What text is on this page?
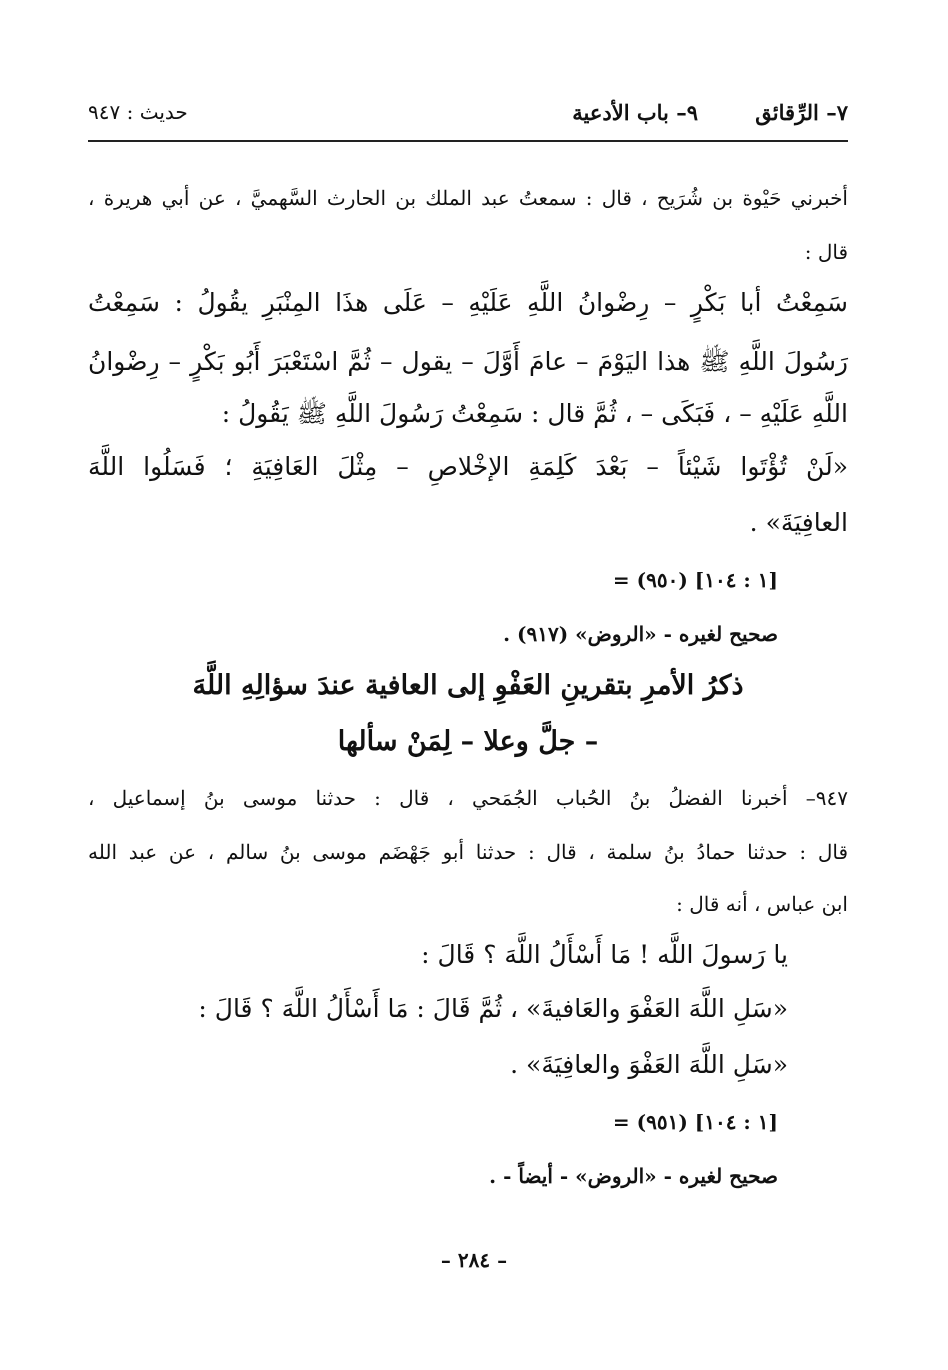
٧– الرِّقائق
٩– باب الأدعية
حديث : ٩٤٧
أخبرني حَيْوة بن شُرَيح ، قال : سمعتُ عبد الملك بن الحارث السَّهميَّ ، عن أبي هريرة ،
قال :
سَمِعْتُ أبا بَكْرٍ – رِضْوانُ اللَّهِ عَلَيْهِ – عَلَى هذَا المِنْبَرِ يقُولُ : سَمِعْتُ
رَسُولَ اللَّهِ ﷺ هذا اليَوْمَ – عامَ أَوَّلَ – يقول – ثُمَّ اسْتَعْبَرَ أَبُو بَكْرٍ – رِضْوانُ
اللَّهِ عَلَيْهِ – ، فَبَكَى – ، ثُمَّ قال : سَمِعْتُ رَسُولَ اللَّهِ ﷺ يَقُولُ :
«لَنْ تُؤْتَوا شَيْئاً – بَعْدَ كَلِمَةِ الإخْلاصِ – مِثْلَ العَافِيَةِ ؛ فَسَلُوا اللَّهَ
العافِيَةَ» .
= (٩٥٠) [١ : ١٠٤]
صحيح لغيره - «الروض» (٩١٧) .
ذكرُ الأمرِ بتقرينِ العَفْوِ إلى العافية عندَ سؤالِهِ اللَّهَ
– جلَّ وعلا – لِمَنْ سألها
٩٤٧– أخبرنا الفضلُ بنُ الحُباب الجُمَحي ، قال : حدثنا موسى بنُ إسماعيل ،
قال : حدثنا حمادُ بنُ سلمة ، قال : حدثنا أبو جَهْضَم موسى بنُ سالم ، عن عبد الله
ابن عباس ، أنه قال :
يا رَسولَ اللَّه ! مَا أَسْأَلُ اللَّهَ ؟ قَالَ :
«سَلِ اللَّهَ العَفْوَ والعَافيةَ» ، ثُمَّ قَالَ : مَا أَسْأَلُ اللَّهَ ؟ قَالَ :
«سَلِ اللَّهَ العَفْوَ والعافِيَةَ» .
= (٩٥١) [١ : ١٠٤]
صحيح لغيره - «الروض» - أيضاً - .
– ٢٨٤ –
